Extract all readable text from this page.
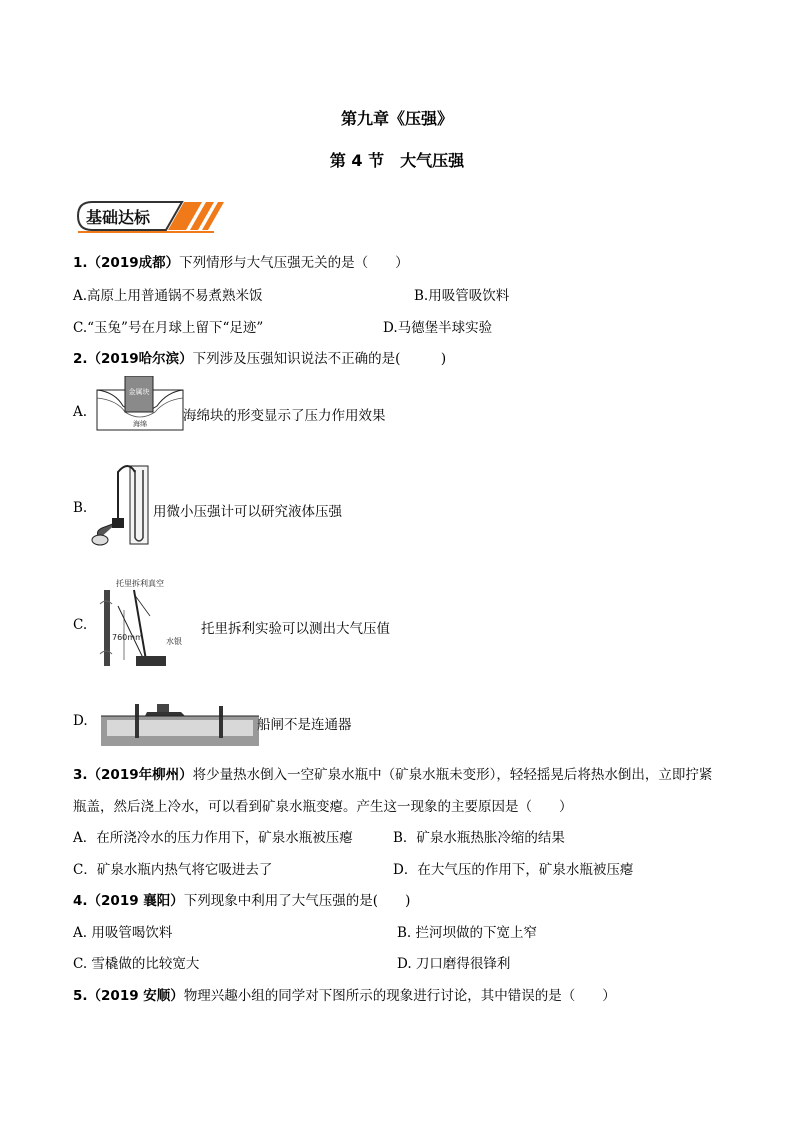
第九章《压强》
第 4 节　大气压强
基础达标
1.（2019成都）下列情形与大气压强无关的是（　　）
A.高原上用普通锅不易煮熟米饭	B.用吸管吸饮料
C.“玉兔”号在月球上留下“足迹”	D.马德堡半球实验
2.（2019哈尔滨）下列涉及压强知识说法不正确的是(　　　)
A.
金属块
海绵	海绵块的形变显示了压力作用效果
B.	用微小压强计可以研究液体压强
C.
托里拆利真空
760mm	水银
托里拆利实验可以测出大气压值
D.	船闸不是连通器
3.（2019年柳州）将少量热水倒入一空矿泉水瓶中（矿泉水瓶未变形），轻轻摇晃后将热水倒出，立即拧紧
瓶盖，然后浇上冷水，可以看到矿泉水瓶变瘪。产生这一现象的主要原因是（　　）
A．在所浇冷水的压力作用下，矿泉水瓶被压瘪	B．矿泉水瓶热胀冷缩的结果
C．矿泉水瓶内热气将它吸进去了	D．在大气压的作用下，矿泉水瓶被压瘪
4.（2019 襄阳）下列现象中利用了大气压强的是(　　)
A. 用吸管喝饮料	B. 拦河坝做的下宽上窄
C. 雪橇做的比较宽大	D. 刀口磨得很锋利
5.（2019 安顺）物理兴趣小组的同学对下图所示的现象进行讨论，其中错误的是（　　）
